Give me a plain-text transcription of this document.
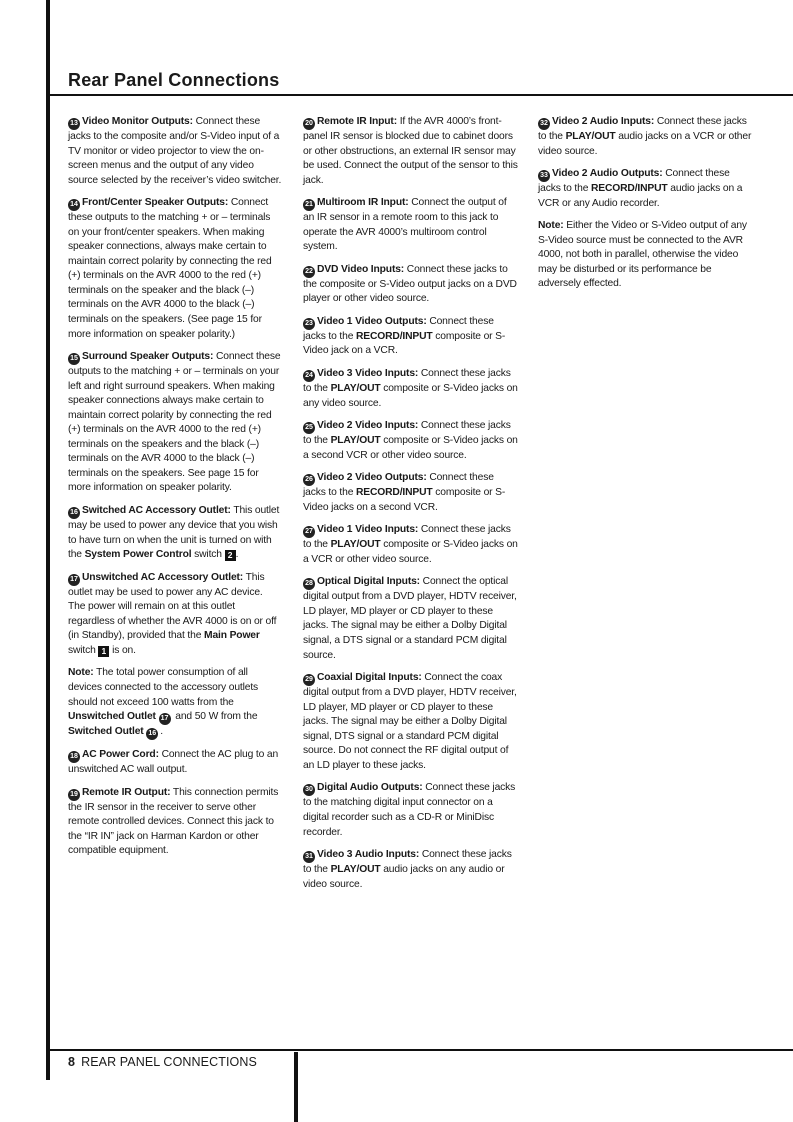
Rear Panel Connections

13 Video Monitor Outputs: Connect these jacks to the composite and/or S-Video input of a TV monitor or video projector to view the on-screen menus and the output of any video source selected by the receiver’s video switcher.

14 Front/Center Speaker Outputs: Connect these outputs to the matching + or – terminals on your front/center speakers. When making speaker connections, always make certain to maintain correct polarity by connecting the red (+) terminals on the AVR 4000 to the red (+) terminals on the speaker and the black (–) terminals on the AVR 4000 to the black (–) terminals on the speakers. (See page 15 for more information on speaker polarity.)

15 Surround Speaker Outputs: Connect these outputs to the matching + or – terminals on your left and right surround speakers. When making speaker connections always make certain to maintain correct polarity by connecting the red (+) terminals on the AVR 4000 to the red (+) terminals on the speakers and the black (–) terminals on the AVR 4000 to the black (–) terminals on the speakers. See page 15 for more information on speaker polarity.

16 Switched AC Accessory Outlet: This outlet may be used to power any device that you wish to have turn on when the unit is turned on with the System Power Control switch 2 .

17 Unswitched AC Accessory Outlet: This outlet may be used to power any AC device. The power will remain on at this outlet regardless of whether the AVR 4000 is on or off (in Standby), provided that the Main Power switch 1 is on.

Note: The total power consumption of all devices connected to the accessory outlets should not exceed 100 watts from the Unswitched Outlet 17 and 50 W from the Switched Outlet 16 .

18 AC Power Cord: Connect the AC plug to an unswitched AC wall output.

19 Remote IR Output: This connection permits the IR sensor in the receiver to serve other remote controlled devices. Connect this jack to the “IR IN” jack on Harman Kardon or other compatible equipment.

20 Remote IR Input: If the AVR 4000’s front-panel IR sensor is blocked due to cabinet doors or other obstructions, an external IR sensor may be used. Connect the output of the sensor to this jack.

21 Multiroom IR Input: Connect the output of an IR sensor in a remote room to this jack to operate the AVR 4000’s multiroom control system.

22 DVD Video Inputs: Connect these jacks to the composite or S-Video output jacks on a DVD player or other video source.

23 Video 1 Video Outputs: Connect these jacks to the RECORD/INPUT composite or S-Video jack on a VCR.

24 Video 3 Video Inputs: Connect these jacks to the PLAY/OUT composite or S-Video jacks on any video source.

25 Video 2 Video Inputs: Connect these jacks to the PLAY/OUT composite or S-Video jacks on a second VCR or other video source.

26 Video 2 Video Outputs: Connect these jacks to the RECORD/INPUT composite or S-Video jacks on a second VCR.

27 Video 1 Video Inputs: Connect these jacks to the PLAY/OUT composite or S-Video jacks on a VCR or other video source.

28 Optical Digital Inputs: Connect the optical digital output from a DVD player, HDTV receiver, LD player, MD player or CD player to these jacks. The signal may be either a Dolby Digital signal, a DTS signal or a standard PCM digital source.

29 Coaxial Digital Inputs: Connect the coax digital output from a DVD player, HDTV receiver, LD player, MD player or CD player to these jacks. The signal may be either a Dolby Digital signal, DTS signal or a standard PCM digital source. Do not connect the RF digital output of an LD player to these jacks.

30 Digital Audio Outputs: Connect these jacks to the matching digital input connector on a digital recorder such as a CD-R or MiniDisc recorder.

31 Video 3 Audio Inputs: Connect these jacks to the PLAY/OUT audio jacks on any audio or video source.

32 Video 2 Audio Inputs: Connect these jacks to the PLAY/OUT audio jacks on a VCR or other video source.

33 Video 2 Audio Outputs: Connect these jacks to the RECORD/INPUT audio jacks on a VCR or any Audio recorder.

Note: Either the Video or S-Video output of any S-Video source must be connected to the AVR 4000, not both in parallel, otherwise the video may be disturbed or its performance be adversely effected.

8 REAR PANEL CONNECTIONS
